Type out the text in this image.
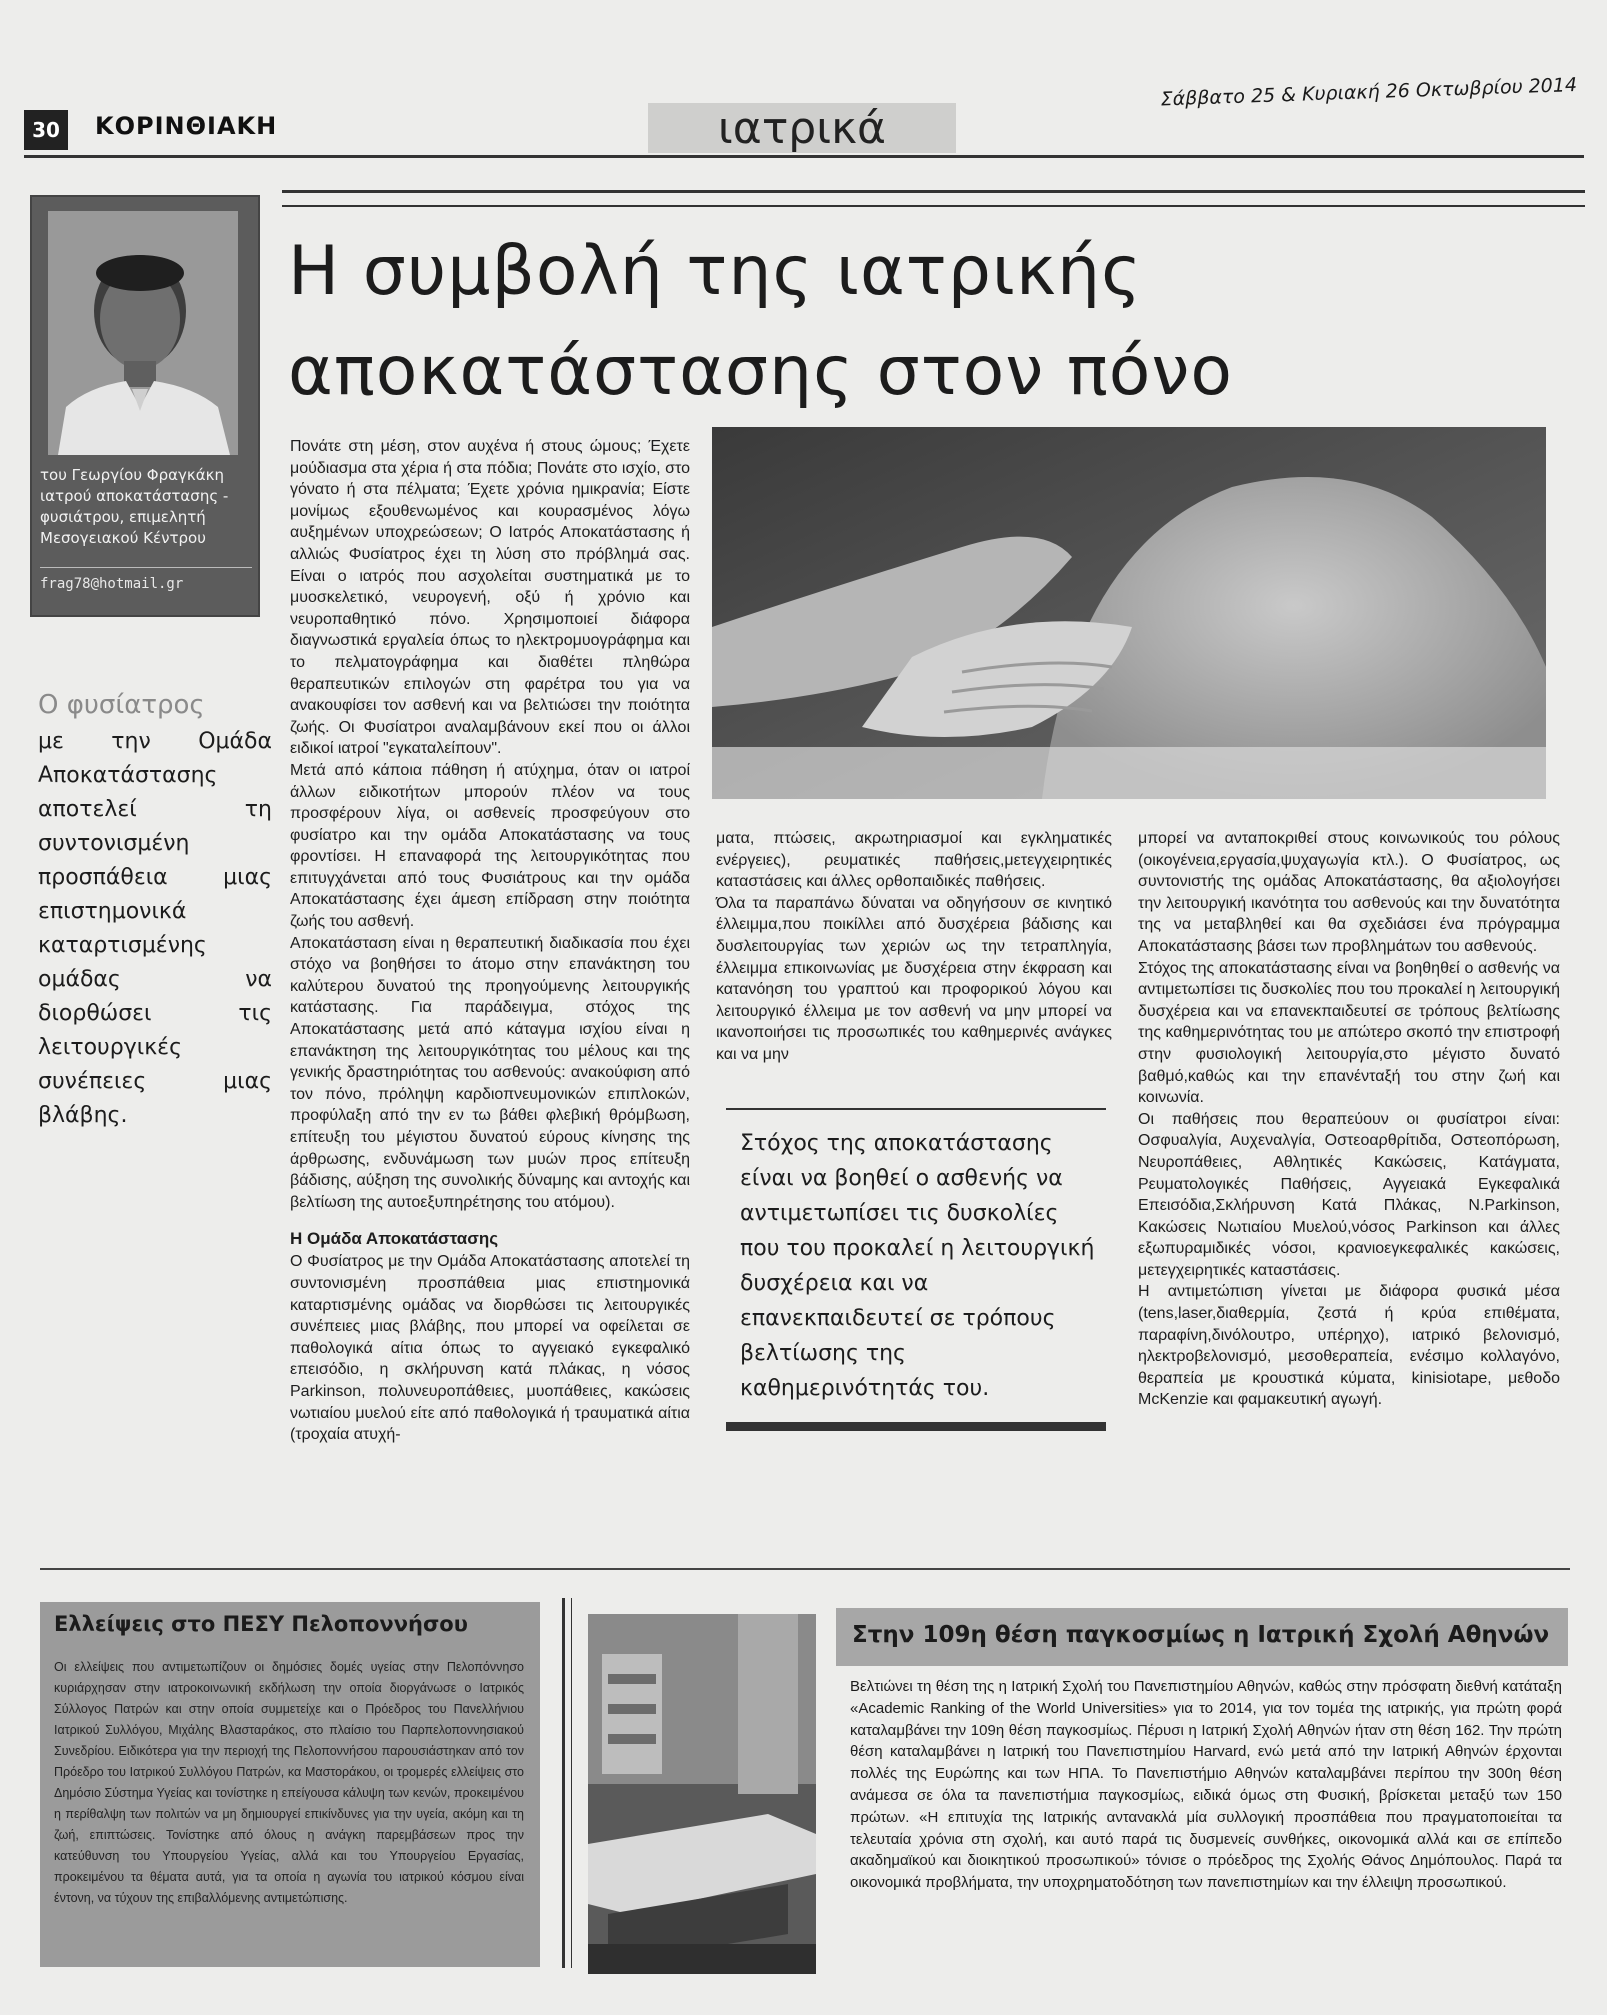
30	ΚΟΡΙΝΘΙΑΚΗ	ιατρικά
Σάββατο 25 & Κυριακή 26 Οκτωβρίου 2014
του Γεωργίου Φραγκάκη ιατρού αποκατάστασης - φυσιάτρου, επιμελητή Μεσογειακού Κέντρου
frag78@hotmail.gr
Ο φυσίατρος
με την Ομάδα Αποκατάστασης αποτελεί τη συντονισμένη προσπάθεια μιας επιστημονικά καταρτισμένης ομάδας να διορθώσει τις λειτουργικές συνέπειες μιας βλάβης.
Η συμβολή της ιατρικής αποκατάστασης στον πόνο

Πονάτε στη μέση, στον αυχένα ή στους ώμους; Έχετε μούδιασμα στα χέρια ή στα πόδια; Πονάτε στο ισχίο, στο γόνατο ή στα πέλματα; Έχετε χρόνια ημικρανία; Είστε μονίμως εξουθενωμένος και κουρασμένος λόγω αυξημένων υποχρεώσεων; Ο Ιατρός Αποκατάστασης ή αλλιώς Φυσίατρος έχει τη λύση στο πρόβλημά σας. Είναι ο ιατρός που ασχολείται συστηματικά με το μυοσκελετικό, νευρογενή, οξύ ή χρόνιο και νευροπαθητικό πόνο. Χρησιμοποιεί διάφορα διαγνωστικά εργαλεία όπως το ηλεκτρομυογράφημα και το πελματογράφημα και διαθέτει πληθώρα θεραπευτικών επιλογών στη φαρέτρα του για να ανακουφίσει τον ασθενή και να βελτιώσει την ποιότητα ζωής. Οι Φυσίατροι αναλαμβάνουν εκεί που οι άλλοι ειδικοί ιατροί "εγκαταλείπουν".

Μετά από κάποια πάθηση ή ατύχημα, όταν οι ιατροί άλλων ειδικοτήτων μπορούν πλέον να τους προσφέρουν λίγα, οι ασθενείς προσφεύγουν στο φυσίατρο και την ομάδα Αποκατάστασης να τους φροντίσει. Η επαναφορά της λειτουργικότητας που επιτυγχάνεται από τους Φυσιάτρους και την ομάδα Αποκατάστασης έχει άμεση επίδραση στην ποιότητα ζωής του ασθενή.

Αποκατάσταση είναι η θεραπευτική διαδικασία που έχει στόχο να βοηθήσει το άτομο στην επανάκτηση του καλύτερου δυνατού της προηγούμενης λειτουργικής κατάστασης. Για παράδειγμα, στόχος της Αποκατάστασης μετά από κάταγμα ισχίου είναι η επανάκτηση της λειτουργικότητας του μέλους και της γενικής δραστηριότητας του ασθενούς: ανακούφιση από τον πόνο, πρόληψη καρδιοπνευμονικών επιπλοκών, προφύλαξη από την εν τω βάθει φλεβική θρόμβωση, επίτευξη του μέγιστου δυνατού εύρους κίνησης της άρθρωσης, ενδυνάμωση των μυών προς επίτευξη βάδισης, αύξηση της συνολικής δύναμης και αντοχής και βελτίωση της αυτοεξυπηρέτησης του ατόμου).

Η Ομάδα Αποκατάστασης

Ο Φυσίατρος με την Ομάδα Αποκατάστασης αποτελεί τη συντονισμένη προσπάθεια μιας επιστημονικά καταρτισμένης ομάδας να διορθώσει τις λειτουργικές συνέπειες μιας βλάβης, που μπορεί να οφείλεται σε παθολογικά αίτια όπως το αγγειακό εγκεφαλικό επεισόδιο, η σκλήρυνση κατά πλάκας, η νόσος Parkinson, πολυνευροπάθειες, μυοπάθειες, κακώσεις νωτιαίου μυελού είτε από παθολογικά ή τραυματικά αίτια (τροχαία ατυχή-

ματα, πτώσεις, ακρωτηριασμοί και εγκληματικές ενέργειες), ρευματικές παθήσεις,μετεγχειρητικές καταστάσεις και άλλες ορθοπαιδικές παθήσεις.

Όλα τα παραπάνω δύναται να οδηγήσουν σε κινητικό έλλειμμα,που ποικίλλει από δυσχέρεια βάδισης και δυσλειτουργίας των χεριών ως την τετραπληγία, έλλειμμα επικοινωνίας με δυσχέρεια στην έκφραση και κατανόηση του γραπτού και προφορικού λόγου και λειτουργικό έλλειμα με τον ασθενή να μην μπορεί να ικανοποιήσει τις προσωπικές του καθημερινές ανάγκες και να μην

Στόχος της αποκατάστασης είναι να βοηθεί ο ασθενής να αντιμετωπίσει τις δυσκολίες που του προκαλεί η λειτουργική δυσχέρεια και να επανεκπαιδευτεί σε τρόπους βελτίωσης της καθημερινότητάς του.

μπορεί να ανταποκριθεί στους κοινωνικούς του ρόλους (οικογένεια,εργασία,ψυχαγωγία κτλ.). Ο Φυσίατρος, ως συντονιστής της ομάδας Αποκατάστασης, θα αξιολογήσει την λειτουργική ικανότητα του ασθενούς και την δυνατότητα της να μεταβληθεί και θα σχεδιάσει ένα πρόγραμμα Αποκατάστασης βάσει των προβλημάτων του ασθενούς.

Στόχος της αποκατάστασης είναι να βοηθηθεί ο ασθενής να αντιμετωπίσει τις δυσκολίες που του προκαλεί η λειτουργική δυσχέρεια και να επανεκπαιδευτεί σε τρόπους βελτίωσης της καθημερινότητας του με απώτερο σκοπό την επιστροφή στην φυσιολογική λειτουργία,στο μέγιστο δυνατό βαθμό,καθώς και την επανένταξή του στην ζωή και κοινωνία.

Οι παθήσεις που θεραπεύουν οι φυσίατροι είναι: Οσφυαλγία, Αυχεναλγία, Οστεοαρθρίτιδα, Οστεοπόρωση, Νευροπάθειες, Αθλητικές Κακώσεις, Κατάγματα, Ρευματολογικές Παθήσεις, Αγγειακά Εγκεφαλικά Επεισόδια,Σκλήρυνση Κατά Πλάκας, N.Parkinson, Κακώσεις Νωτιαίου Μυελού,νόσος Parkinson και άλλες εξωπυραμιδικές νόσοι, κρανιοεγκεφαλικές κακώσεις, μετεγχειρητικές καταστάσεις.

Η αντιμετώπιση γίνεται με διάφορα φυσικά μέσα (tens,laser,διαθερμία, ζεστά ή κρύα επιθέματα, παραφίνη,δινόλουτρο, υπέρηχο), ιατρικό βελονισμό, ηλεκτροβελονισμό, μεσοθεραπεία, ενέσιμο κολλαγόνο, θεραπεία με κρουστικά κύματα, kinisiotape, μεθοδο McKenzie και φαμακευτική αγωγή.

Ελλείψεις στο ΠΕΣΥ Πελοποννήσου
Οι ελλείψεις που αντιμετωπίζουν οι δημόσιες δομές υγείας στην Πελοπόννησο κυριάρχησαν στην ιατροκοινωνική εκδήλωση την οποία διοργάνωσε ο Ιατρικός Σύλλογος Πατρών και στην οποία συμμετείχε και ο Πρόεδρος του Πανελλήνιου Ιατρικού Συλλόγου, Μιχάλης Βλασταράκος, στο πλαίσιο του Παρπελοποννησιακού Συνεδρίου. Ειδικότερα για την περιοχή της Πελοποννήσου παρουσιάστηκαν από τον Πρόεδρο του Ιατρικού Συλλόγου Πατρών, κα Μαστοράκου, οι τρομερές ελλείψεις στο Δημόσιο Σύστημα Υγείας και τονίστηκε η επείγουσα κάλυψη των κενών, προκειμένου η περίθαλψη των πολιτών να μη δημιουργεί επικίνδυνες για την υγεία, ακόμη και τη ζωή, επιπτώσεις. Τονίστηκε από όλους η ανάγκη παρεμβάσεων προς την κατεύθυνση του Υπουργείου Υγείας, αλλά και του Υπουργείου Εργασίας, προκειμένου τα θέματα αυτά, για τα οποία η αγωνία του ιατρικού κόσμου είναι έντονη, να τύχουν της επιβαλλόμενης αντιμετώπισης.
Στην 109η θέση παγκοσμίως η Ιατρική Σχολή Αθηνών
Βελτιώνει τη θέση της η Ιατρική Σχολή του Πανεπιστημίου Αθηνών, καθώς στην πρόσφατη διεθνή κατάταξη «Academic Ranking of the World Universities» για το 2014, για τον τομέα της ιατρικής, για πρώτη φορά καταλαμβάνει την 109η θέση παγκοσμίως. Πέρυσι η Ιατρική Σχολή Αθηνών ήταν στη θέση 162. Την πρώτη θέση καταλαμβάνει η Ιατρική του Πανεπιστημίου Harvard, ενώ μετά από την Ιατρική Αθηνών έρχονται πολλές της Ευρώπης και των ΗΠΑ. Το Πανεπιστήμιο Αθηνών καταλαμβάνει περίπου την 300η θέση ανάμεσα σε όλα τα πανεπιστήμια παγκοσμίως, ειδικά όμως στη Φυσική, βρίσκεται μεταξύ των 150 πρώτων. «Η επιτυχία της Ιατρικής αντανακλά μία συλλογική προσπάθεια που πραγματοποιείται τα τελευταία χρόνια στη σχολή, και αυτό παρά τις δυσμενείς συνθήκες, οικονομικά αλλά και σε επίπεδο ακαδημαϊκού και διοικητικού προσωπικού» τόνισε ο πρόεδρος της Σχολής Θάνος Δημόπουλος. Παρά τα οικονομικά προβλήματα, την υποχρηματοδότηση των πανεπιστημίων και την έλλειψη προσωπικού.
